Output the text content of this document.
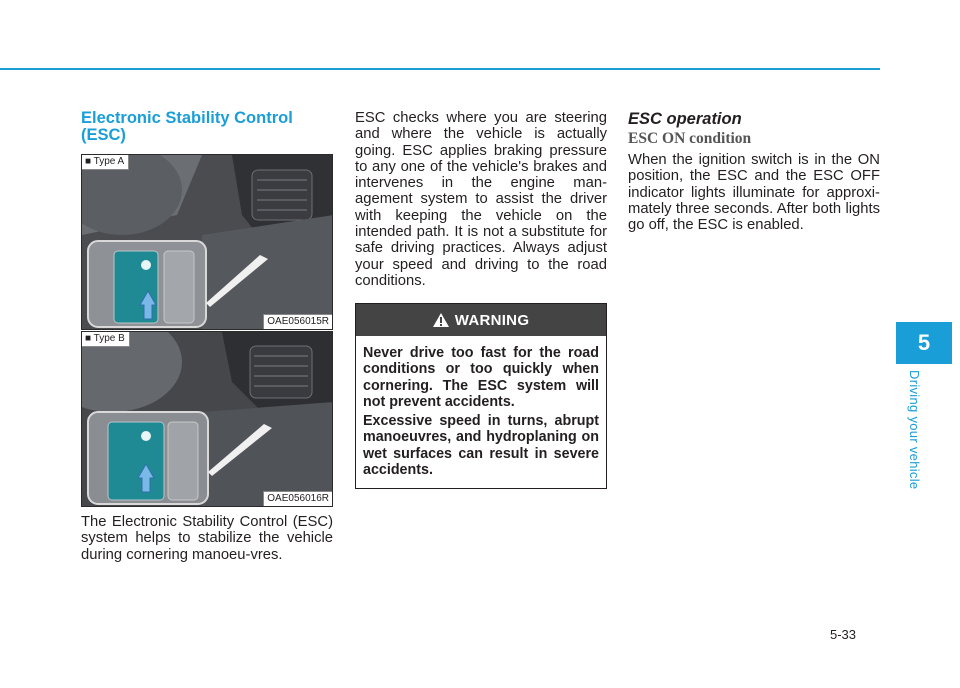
Electronic Stability Control (ESC)
■ Type A
OAE056015R
■ Type B
OAE056016R

The Electronic Stability Control (ESC) system helps to stabilize the vehicle during cornering manoeu-vres.

ESC checks where you are steering and where the vehicle is actually going. ESC applies braking pressure to any one of the vehicle's brakes and intervenes in the engine man-agement system to assist the driver with keeping the vehicle on the intended path. It is not a substitute for safe driving practices. Always adjust your speed and driving to the road conditions.

WARNING

Never drive too fast for the road conditions or too quickly when cornering. The ESC system will not prevent accidents.

Excessive speed in turns, abrupt manoeuvres, and hydroplaning on wet surfaces can result in severe accidents.

ESC operation
ESC ON condition

When the ignition switch is in the ON position, the ESC and the ESC OFF indicator lights illuminate for approxi-mately three seconds. After both lights go off, the ESC is enabled.

5
Driving your vehicle
5-33
